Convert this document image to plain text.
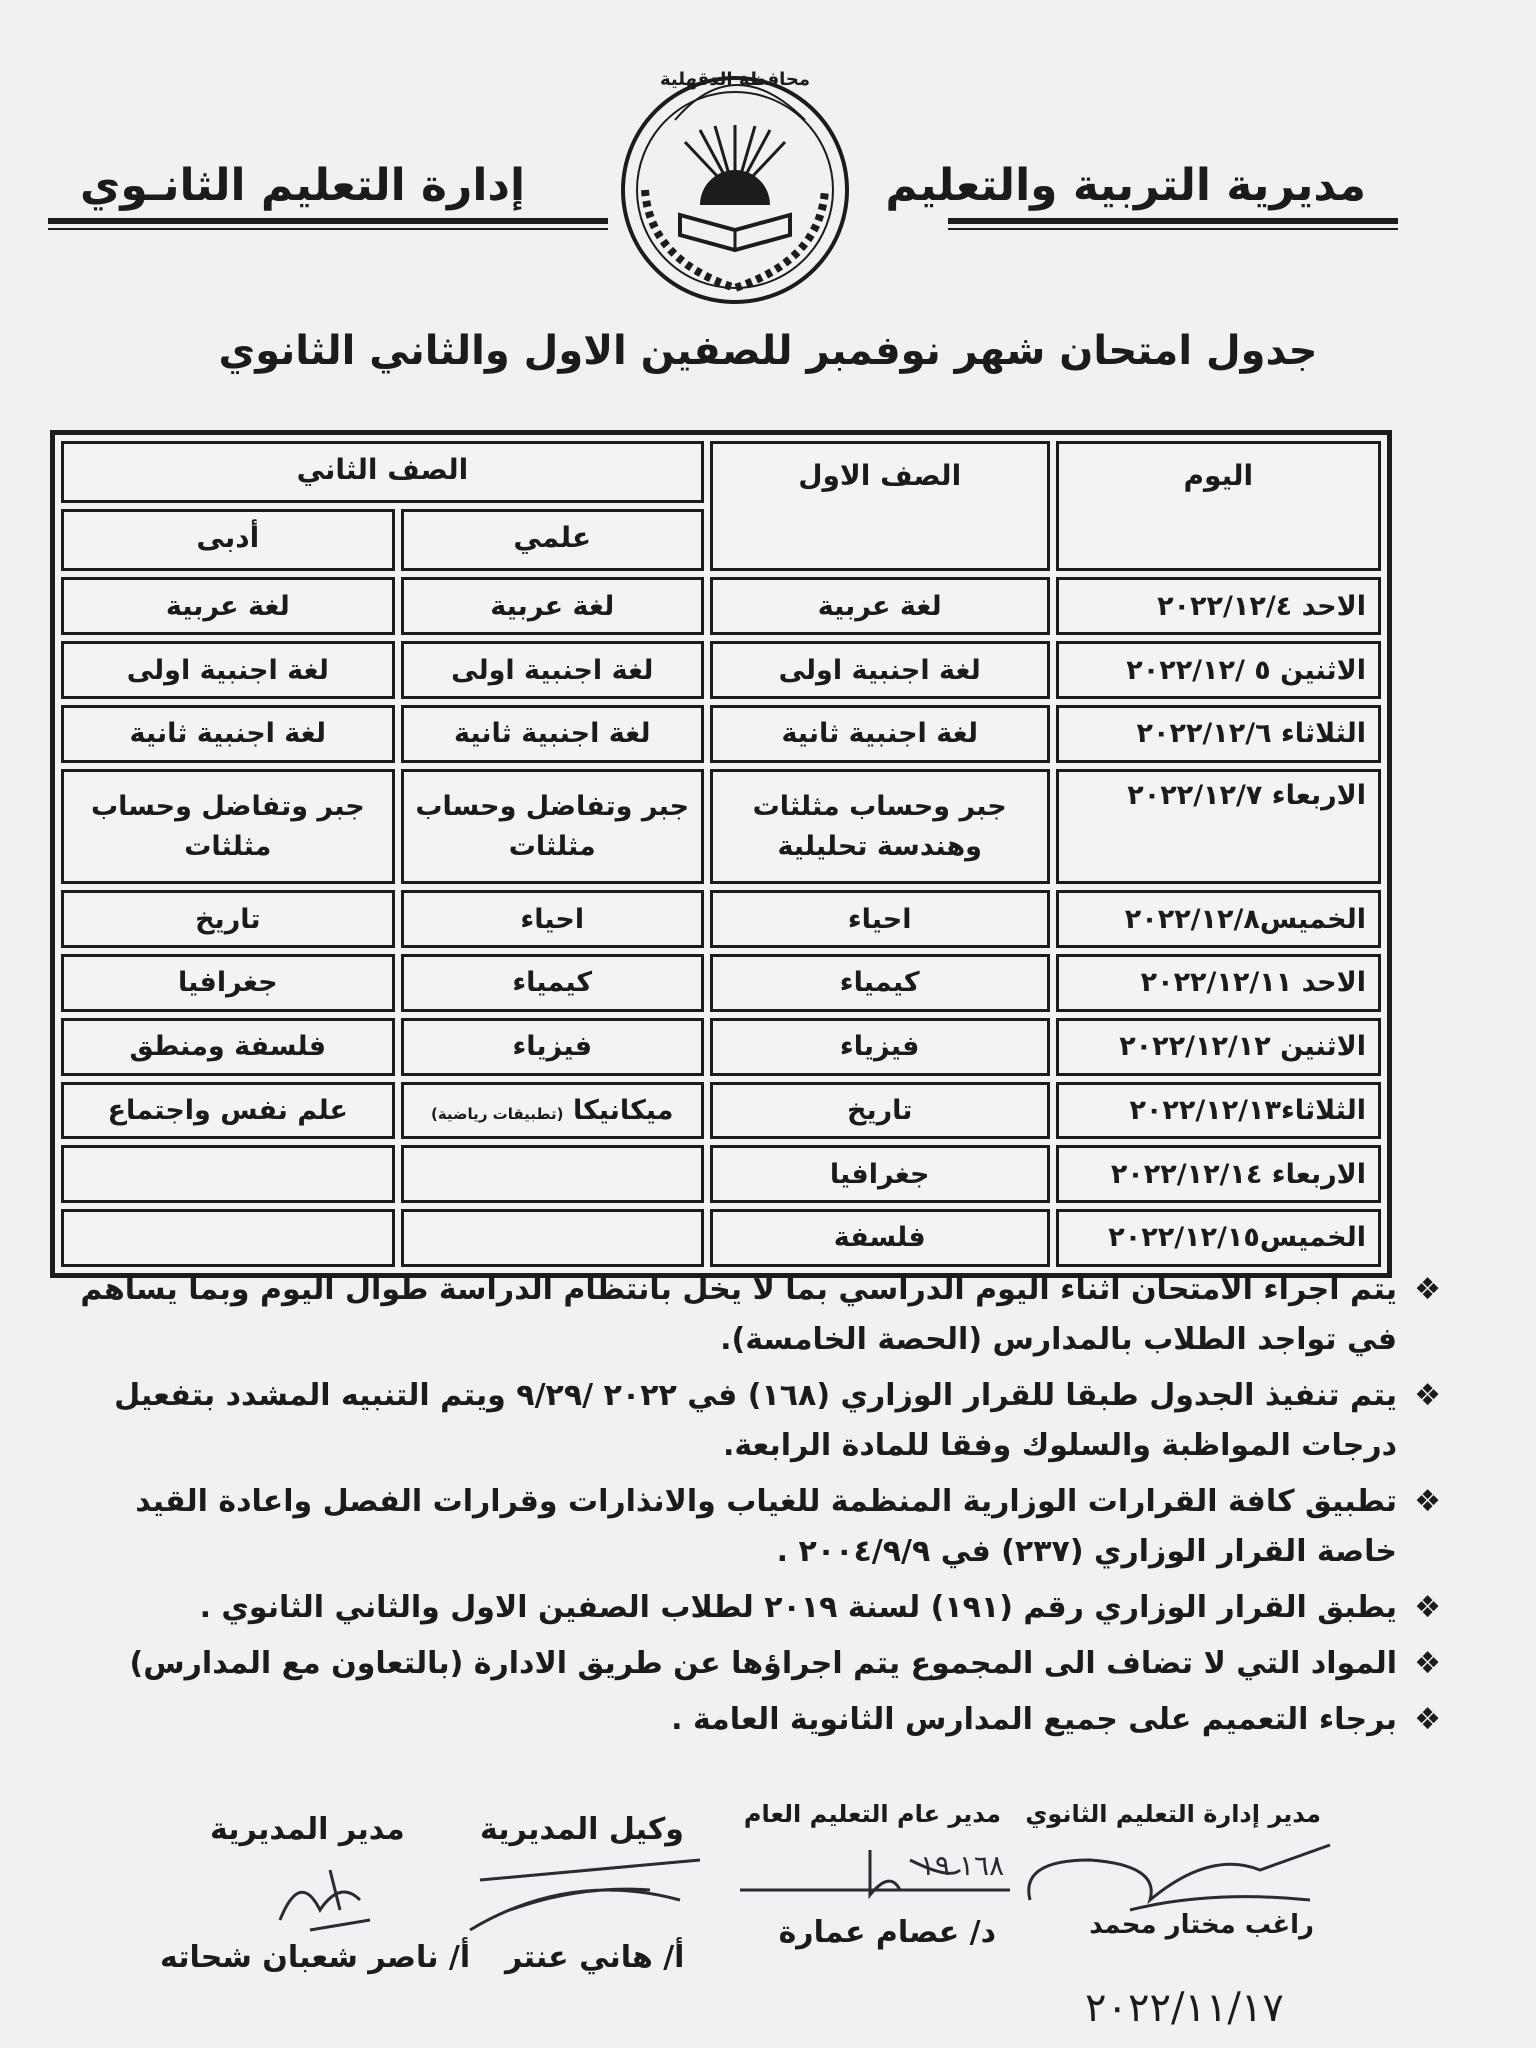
مديرية التربية والتعليم
إدارة التعليم الثانـوي
محافظة الدقهلية
جدول امتحان شهر نوفمبر للصفين الاول والثاني الثانوي
اليوم	الصف الاول	الصف الثاني	
		علمي	أدبى
الاحد ٢٠٢٢/١٢/٤	لغة عربية	لغة عربية	لغة عربية
الاثنين ٥ /٢٠٢٢/١٢	لغة اجنبية اولى	لغة اجنبية اولى	لغة اجنبية اولى
الثلاثاء ٢٠٢٢/١٢/٦	لغة اجنبية ثانية	لغة اجنبية ثانية	لغة اجنبية ثانية
الاربعاء ٢٠٢٢/١٢/٧	جبر وحساب مثلثات وهندسة تحليلية	جبر وتفاضل وحساب مثلثات	جبر وتفاضل وحساب مثلثات
الخميس٢٠٢٢/١٢/٨	احياء	احياء	تاريخ
الاحد ٢٠٢٢/١٢/١١	كيمياء	كيمياء	جغرافيا
الاثنين ٢٠٢٢/١٢/١٢	فيزياء	فيزياء	فلسفة ومنطق
الثلاثاء٢٠٢٢/١٢/١٣	تاريخ	ميكانيكا (تطبيقات رياضية)	علم نفس واجتماع
الاربعاء ٢٠٢٢/١٢/١٤	جغرافيا		
الخميس٢٠٢٢/١٢/١٥	فلسفة		
❖
يتم اجراء الامتحان اثناء اليوم الدراسي بما لا يخل بانتظام الدراسة طوال اليوم وبما يساهم في تواجد الطلاب بالمدارس (الحصة الخامسة).
❖
يتم تنفيذ الجدول طبقا للقرار الوزاري (١٦٨) في ٢٠٢٢ /٩/٢٩ ويتم التنبيه المشدد بتفعيل درجات المواظبة والسلوك وفقا للمادة الرابعة.
❖
تطبيق كافة القرارات الوزارية المنظمة للغياب والانذارات وقرارات الفصل واعادة القيد خاصة القرار الوزاري (٢٣٧) في ٢٠٠٤/٩/٩ .
❖
يطبق القرار الوزاري رقم (١٩١) لسنة ٢٠١٩ لطلاب الصفين الاول والثاني الثانوي .
❖
المواد التي لا تضاف الى المجموع يتم اجراؤها عن طريق الادارة (بالتعاون مع المدارس)
❖
برجاء التعميم على جميع المدارس الثانوية العامة .
مدير إدارة التعليم الثانوي
مدير عام التعليم العام
وكيل المديرية
مدير المديرية
١٦٨ ١٩
راغب مختار محمد
د/ عصام عمارة
أ/ هاني عنتر
أ/ ناصر شعبان شحاته
٢٠٢٢/١١/١٧
